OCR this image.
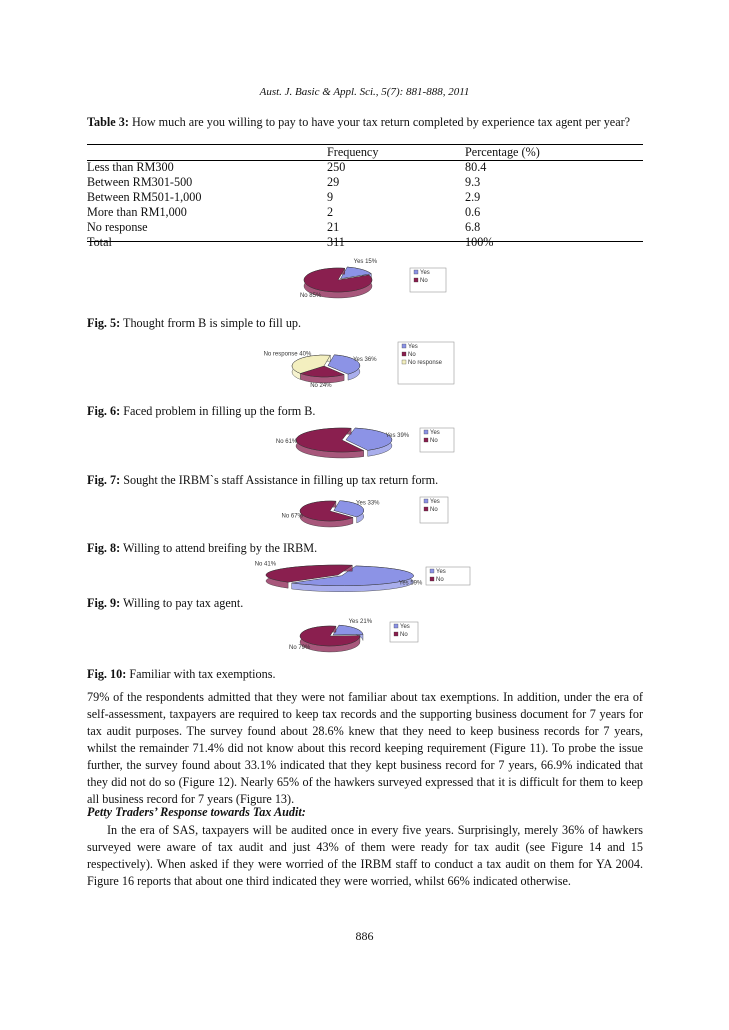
Aust. J. Basic & Appl. Sci., 5(7): 881-888, 2011
Table 3: How much are you willing to pay to have your tax return completed by experience tax agent per year?
	Frequency	Percentage (%)
Less than RM300	250	80.4
Between RM301-500	29	9.3
Between RM501-1,000	9	2.9
More than RM1,000	2	0.6
No response	21	6.8
Total	311	100%
Yes 15%
No 85%
Yes
No
Fig. 5: Thought frorm B is simple to fill up.
Yes 36%
No 24%
No response 40%
Yes
No
No response
Fig. 6: Faced problem in filling up the form B.
Yes 39%
No 61%
Yes
No
Fig. 7: Sought the IRBM`s staff Assistance in filling up tax return form.
Yes 33%
No 67%
Yes
No
Fig. 8: Willing to attend breifing by the IRBM.
Yes 59%
No 41%
Yes
No
Fig. 9: Willing to pay tax agent.
Yes 21%
No 79%
Yes
No
Fig. 10: Familiar with tax exemptions.
79% of the respondents admitted that they were not familiar about tax exemptions. In addition, under the era of self-assessment, taxpayers are required to keep tax records and the supporting business document for 7 years for tax audit purposes. The survey found about 28.6% knew that they need to keep business records for 7 years, whilst the remainder 71.4% did not know about this record keeping requirement (Figure 11). To probe the issue further, the survey found about 33.1% indicated that they kept business record for 7 years, 66.9% indicated that they did not do so (Figure 12). Nearly 65% of the hawkers surveyed expressed that it is difficult for them to keep all business record for 7 years (Figure 13).
Petty Traders’ Response towards Tax Audit:
In the era of SAS, taxpayers will be audited once in every five years. Surprisingly, merely 36% of hawkers surveyed were aware of tax audit and just 43% of them were ready for tax audit (see Figure 14 and 15 respectively). When asked if they were worried of the IRBM staff to conduct a tax audit on them for YA 2004. Figure 16 reports that about one third indicated they were worried, whilst 66% indicated otherwise.
886
